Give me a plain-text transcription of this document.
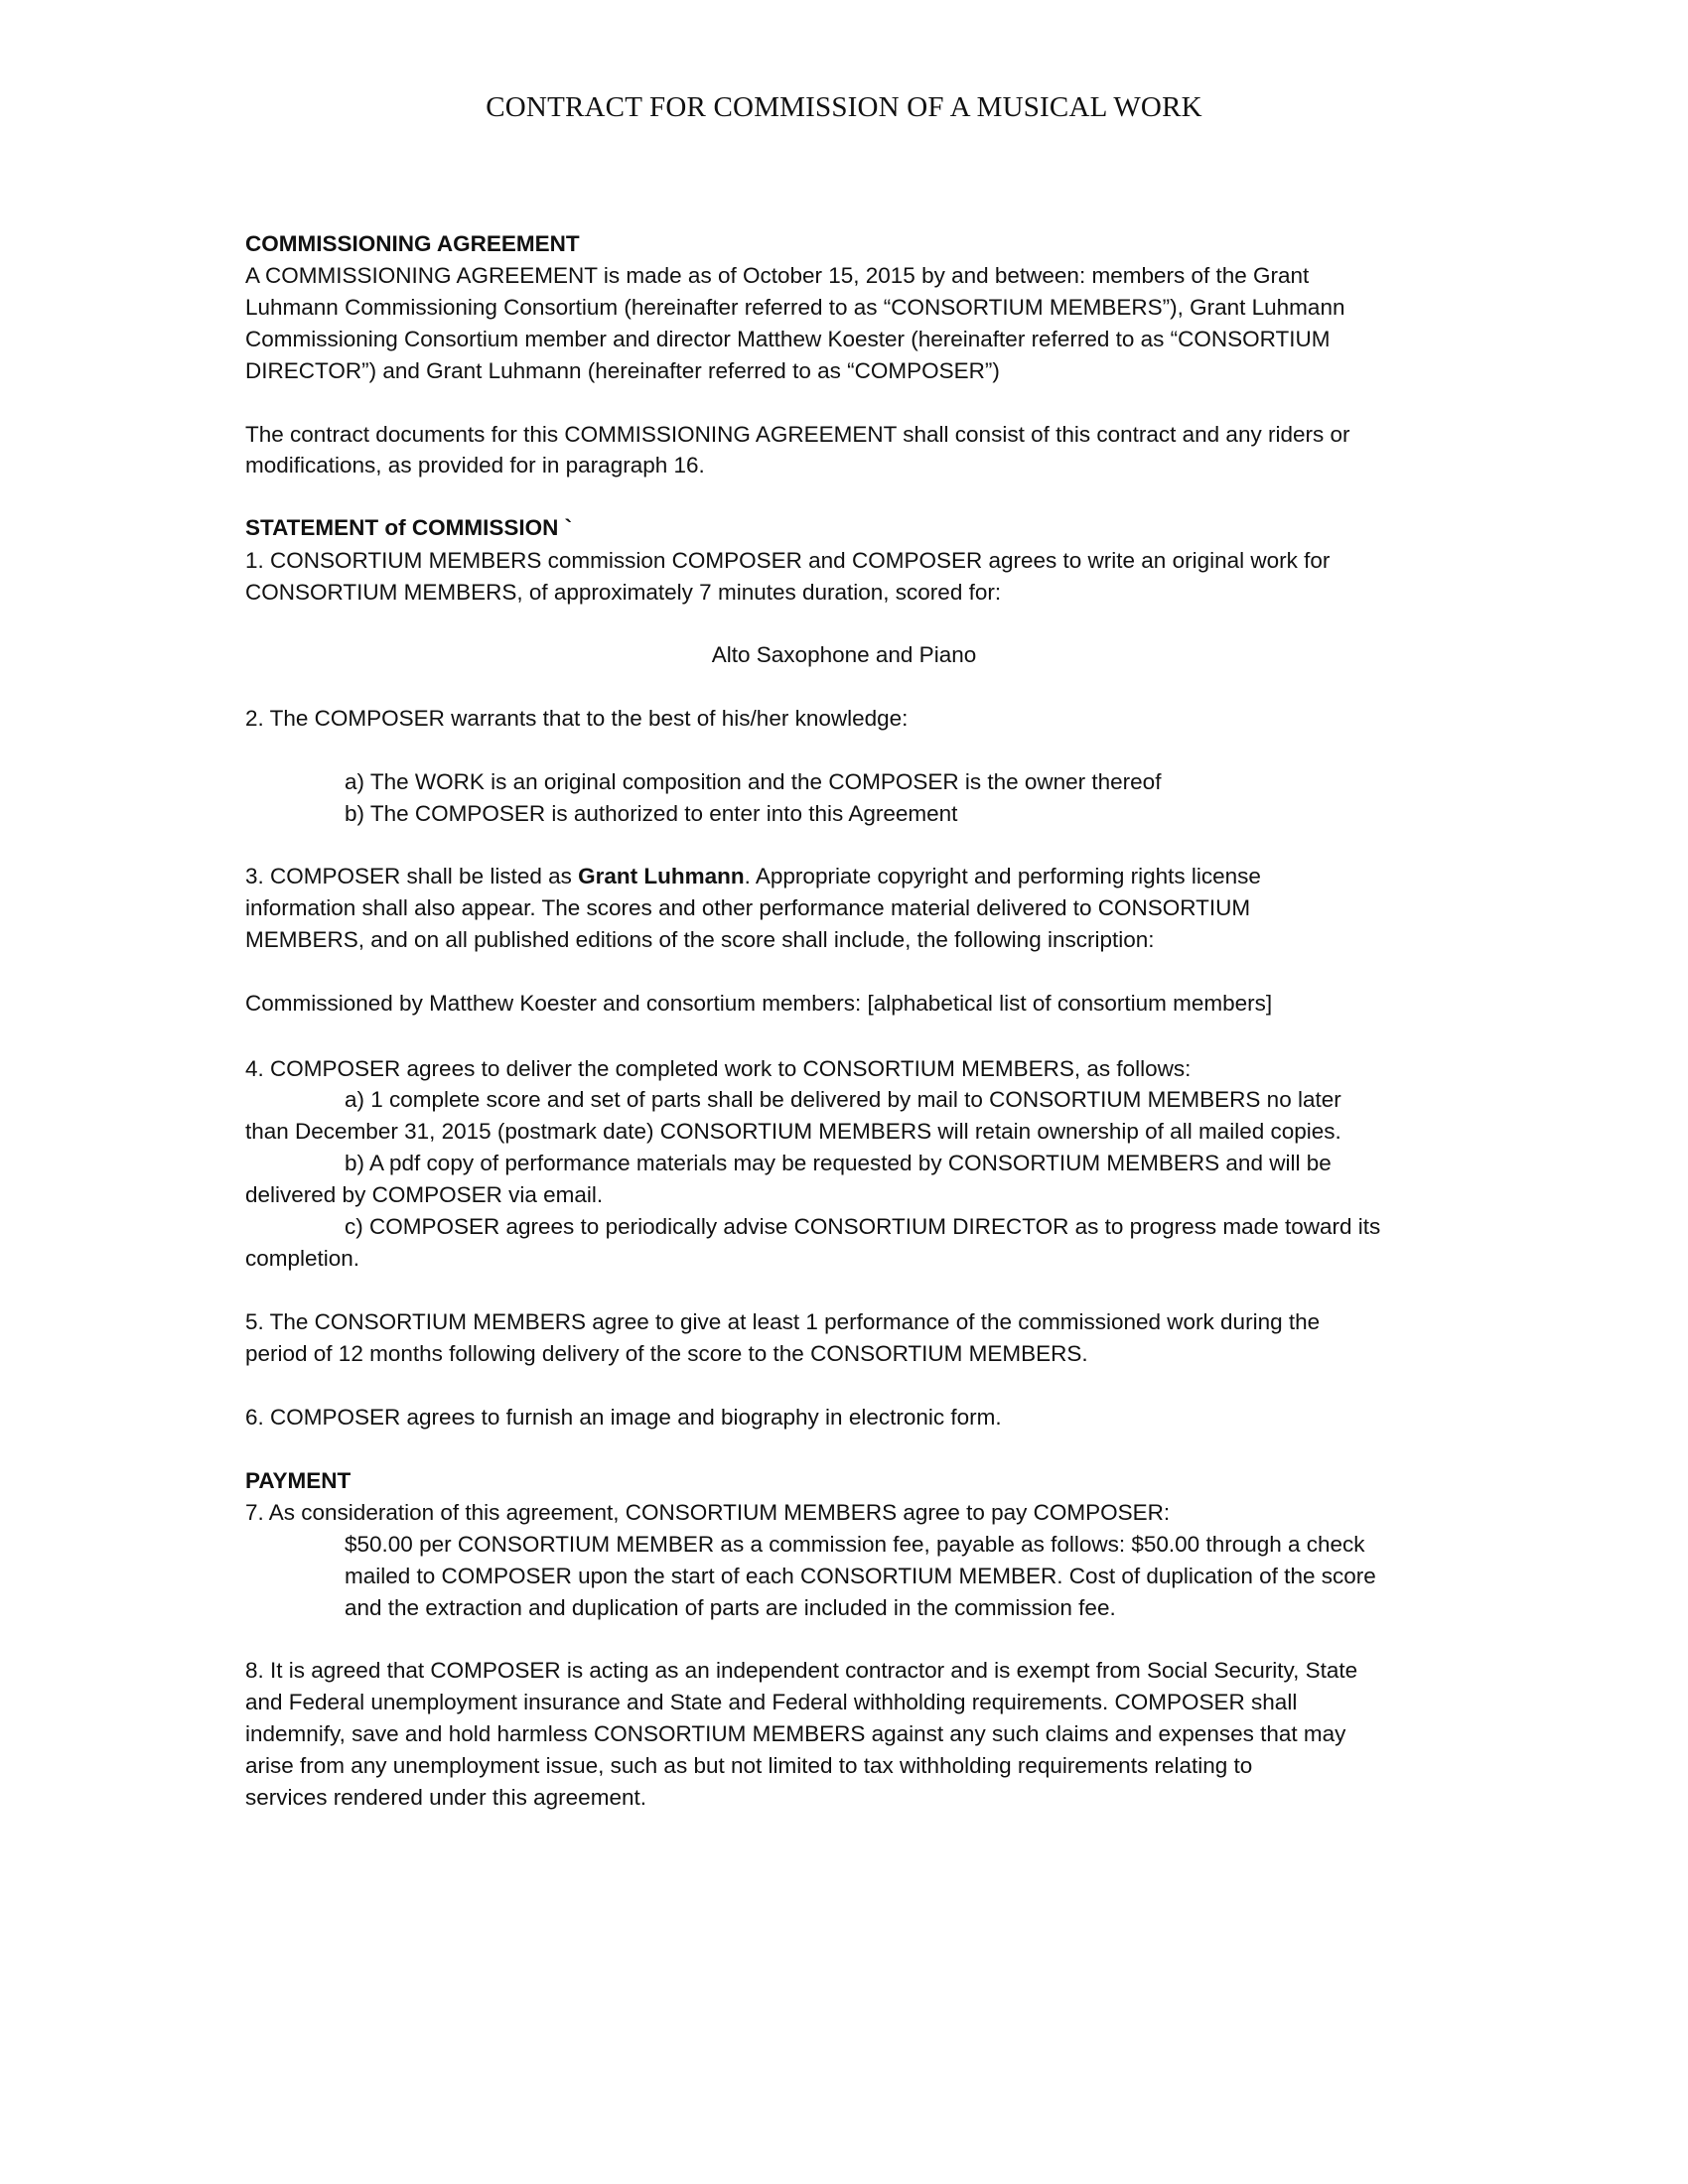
CONTRACT FOR COMMISSION OF A MUSICAL WORK
COMMISSIONING AGREEMENT
A COMMISSIONING AGREEMENT is made as of October 15, 2015 by and between: members of the Grant
Luhmann Commissioning Consortium (hereinafter referred to as “CONSORTIUM MEMBERS”), Grant Luhmann
Commissioning Consortium member and director Matthew Koester (hereinafter referred to as “CONSORTIUM
DIRECTOR”) and Grant Luhmann (hereinafter referred to as “COMPOSER”)
The contract documents for this COMMISSIONING AGREEMENT shall consist of this contract and any riders or
modifications, as provided for in paragraph 16.
STATEMENT of COMMISSION `
1. CONSORTIUM MEMBERS commission COMPOSER and COMPOSER agrees to write an original work for
CONSORTIUM MEMBERS, of approximately 7 minutes duration, scored for:
Alto Saxophone and Piano
2. The COMPOSER warrants that to the best of his/her knowledge:
a) The WORK is an original composition and the COMPOSER is the owner thereof
b) The COMPOSER is authorized to enter into this Agreement
3. COMPOSER shall be listed as Grant Luhmann. Appropriate copyright and performing rights license
information shall also appear. The scores and other performance material delivered to CONSORTIUM
MEMBERS, and on all published editions of the score shall include, the following inscription:
Commissioned by Matthew Koester and consortium members: [alphabetical list of consortium members]
4. COMPOSER agrees to deliver the completed work to CONSORTIUM MEMBERS, as follows:
a) 1 complete score and set of parts shall be delivered by mail to CONSORTIUM MEMBERS no later
than December 31, 2015 (postmark date) CONSORTIUM MEMBERS will retain ownership of all mailed copies.
b) A pdf copy of performance materials may be requested by CONSORTIUM MEMBERS and will be
delivered by COMPOSER via email.
c) COMPOSER agrees to periodically advise CONSORTIUM DIRECTOR as to progress made toward its
completion.
5. The CONSORTIUM MEMBERS agree to give at least 1 performance of the commissioned work during the
period of 12 months following delivery of the score to the CONSORTIUM MEMBERS.
6. COMPOSER agrees to furnish an image and biography in electronic form.
PAYMENT
7. As consideration of this agreement, CONSORTIUM MEMBERS agree to pay COMPOSER:
$50.00 per CONSORTIUM MEMBER as a commission fee, payable as follows: $50.00 through a check
mailed to COMPOSER upon the start of each CONSORTIUM MEMBER. Cost of duplication of the score
and the extraction and duplication of parts are included in the commission fee.
8. It is agreed that COMPOSER is acting as an independent contractor and is exempt from Social Security, State
and Federal unemployment insurance and State and Federal withholding requirements. COMPOSER shall
indemnify, save and hold harmless CONSORTIUM MEMBERS against any such claims and expenses that may
arise from any unemployment issue, such as but not limited to tax withholding requirements relating to
services rendered under this agreement.
